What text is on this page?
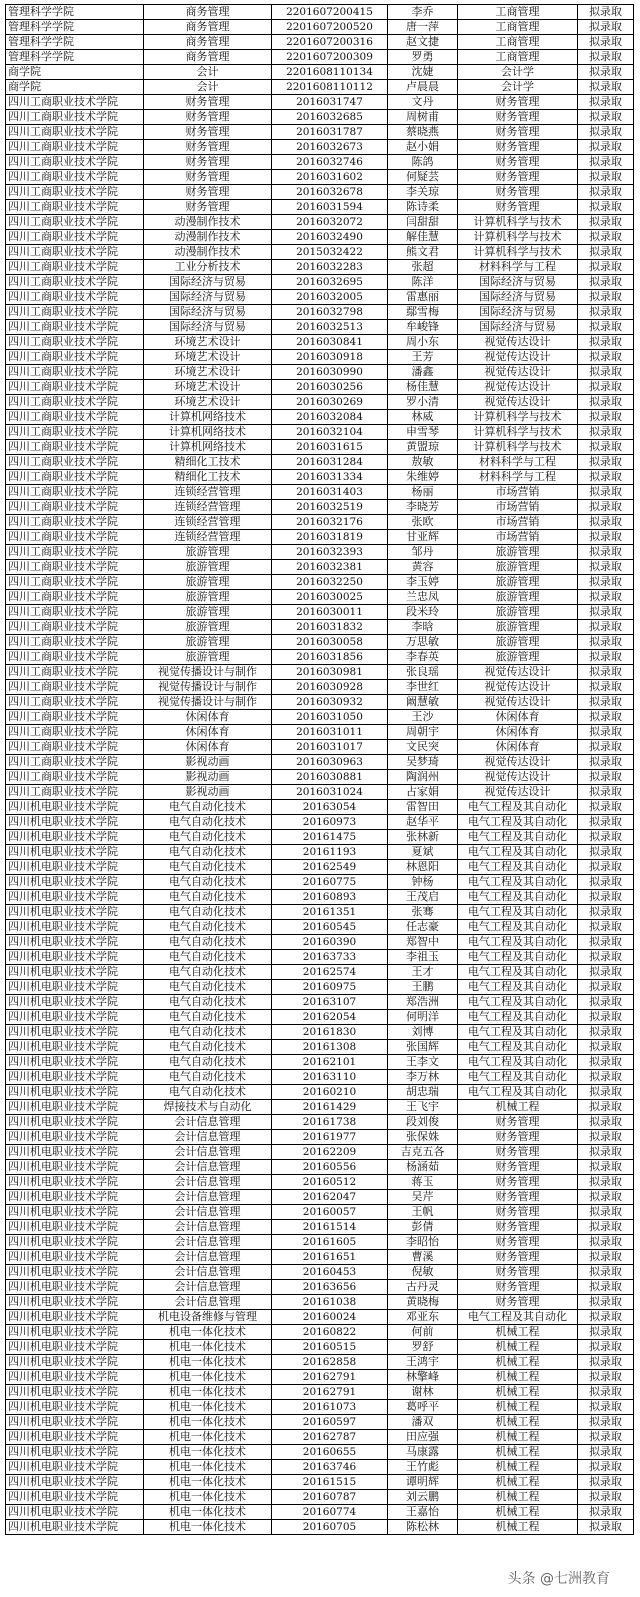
管理科学学院	商务管理	2201607200415	李乔	工商管理	拟录取
管理科学学院	商务管理	2201607200520	唐一萍	工商管理	拟录取
管理科学学院	商务管理	2201607200316	赵文捷	工商管理	拟录取
管理科学学院	商务管理	2201607200309	罗勇	工商管理	拟录取
商学院	会计	2201608110134	沈婕	会计学	拟录取
商学院	会计	2201608110112	卢晨晨	会计学	拟录取
四川工商职业技术学院	财务管理	2016031747	文丹	财务管理	拟录取
四川工商职业技术学院	财务管理	2016032685	周树甫	财务管理	拟录取
四川工商职业技术学院	财务管理	2016031787	蔡晓燕	财务管理	拟录取
四川工商职业技术学院	财务管理	2016032673	赵小娟	财务管理	拟录取
四川工商职业技术学院	财务管理	2016032746	陈鸽	财务管理	拟录取
四川工商职业技术学院	财务管理	2016031602	何疑芸	财务管理	拟录取
四川工商职业技术学院	财务管理	2016032678	李关琼	财务管理	拟录取
四川工商职业技术学院	财务管理	2016031594	陈诗柔	财务管理	拟录取
四川工商职业技术学院	动漫制作技术	2016032072	闫甜甜	计算机科学与技术	拟录取
四川工商职业技术学院	动漫制作技术	2016032490	解佳慧	计算机科学与技术	拟录取
四川工商职业技术学院	动漫制作技术	2015032422	熊文君	计算机科学与技术	拟录取
四川工商职业技术学院	工业分析技术	2016032283	张超	材料科学与工程	拟录取
四川工商职业技术学院	国际经济与贸易	2016032695	陈洋	国际经济与贸易	拟录取
四川工商职业技术学院	国际经济与贸易	2016032005	雷惠丽	国际经济与贸易	拟录取
四川工商职业技术学院	国际经济与贸易	2016032798	鄢雪梅	国际经济与贸易	拟录取
四川工商职业技术学院	国际经济与贸易	2016032513	牟峻锋	国际经济与贸易	拟录取
四川工商职业技术学院	环境艺术设计	2016030841	周小东	视觉传达设计	拟录取
四川工商职业技术学院	环境艺术设计	2016030918	王芳	视觉传达设计	拟录取
四川工商职业技术学院	环境艺术设计	2016030990	潘鑫	视觉传达设计	拟录取
四川工商职业技术学院	环境艺术设计	2016030256	杨佳慧	视觉传达设计	拟录取
四川工商职业技术学院	环境艺术设计	2016030269	罗小清	视觉传达设计	拟录取
四川工商职业技术学院	计算机网络技术	2016032084	林威	计算机科学与技术	拟录取
四川工商职业技术学院	计算机网络技术	2016032104	申雪琴	计算机科学与技术	拟录取
四川工商职业技术学院	计算机网络技术	2016031615	黄盟琼	计算机科学与技术	拟录取
四川工商职业技术学院	精细化工技术	2016031284	敖敏	材料科学与工程	拟录取
四川工商职业技术学院	精细化工技术	2016031334	朱维婷	材料科学与工程	拟录取
四川工商职业技术学院	连锁经营管理	2016031403	杨丽	市场营销	拟录取
四川工商职业技术学院	连锁经营管理	2016032519	李晓芳	市场营销	拟录取
四川工商职业技术学院	连锁经营管理	2016032176	张欧	市场营销	拟录取
四川工商职业技术学院	连锁经营管理	2016031819	甘亚辉	市场营销	拟录取
四川工商职业技术学院	旅游管理	2016032393	邹丹	旅游管理	拟录取
四川工商职业技术学院	旅游管理	2016032381	黄容	旅游管理	拟录取
四川工商职业技术学院	旅游管理	2016032250	李玉婷	旅游管理	拟录取
四川工商职业技术学院	旅游管理	2016030025	兰忠凤	旅游管理	拟录取
四川工商职业技术学院	旅游管理	2016030011	段米玲	旅游管理	拟录取
四川工商职业技术学院	旅游管理	2016031832	李晗	旅游管理	拟录取
四川工商职业技术学院	旅游管理	2016030058	万思敏	旅游管理	拟录取
四川工商职业技术学院	旅游管理	2016031856	李春英	旅游管理	拟录取
四川工商职业技术学院	视觉传播设计与制作	2016030981	张良瑶	视觉传达设计	拟录取
四川工商职业技术学院	视觉传播设计与制作	2016030928	李世红	视觉传达设计	拟录取
四川工商职业技术学院	视觉传播设计与制作	2016030932	阚慧敏	视觉传达设计	拟录取
四川工商职业技术学院	休闲体育	2016031050	王沙	休闲体育	拟录取
四川工商职业技术学院	休闲体育	2016031011	周朝宇	休闲体育	拟录取
四川工商职业技术学院	休闲体育	2016031017	文民突	休闲体育	拟录取
四川工商职业技术学院	影视动画	2016030963	吴梦琦	视觉传达设计	拟录取
四川工商职业技术学院	影视动画	2016030881	陶润州	视觉传达设计	拟录取
四川工商职业技术学院	影视动画	2016031024	占家娟	视觉传达设计	拟录取
四川机电职业技术学院	电气自动化技术	20163054	雷智田	电气工程及其自动化	拟录取
四川机电职业技术学院	电气自动化技术	20160973	赵华平	电气工程及其自动化	拟录取
四川机电职业技术学院	电气自动化技术	20161475	张林新	电气工程及其自动化	拟录取
四川机电职业技术学院	电气自动化技术	20161193	夏斌	电气工程及其自动化	拟录取
四川机电职业技术学院	电气自动化技术	20162549	林恩阳	电气工程及其自动化	拟录取
四川机电职业技术学院	电气自动化技术	20160775	钟杨	电气工程及其自动化	拟录取
四川机电职业技术学院	电气自动化技术	20160893	王茂启	电气工程及其自动化	拟录取
四川机电职业技术学院	电气自动化技术	20161351	张骞	电气工程及其自动化	拟录取
四川机电职业技术学院	电气自动化技术	20160545	任志豪	电气工程及其自动化	拟录取
四川机电职业技术学院	电气自动化技术	20160390	郑智中	电气工程及其自动化	拟录取
四川机电职业技术学院	电气自动化技术	20163733	李祖玉	电气工程及其自动化	拟录取
四川机电职业技术学院	电气自动化技术	20162574	王才	电气工程及其自动化	拟录取
四川机电职业技术学院	电气自动化技术	20160975	王鹏	电气工程及其自动化	拟录取
四川机电职业技术学院	电气自动化技术	20163107	郑浩洲	电气工程及其自动化	拟录取
四川机电职业技术学院	电气自动化技术	20162054	何明洋	电气工程及其自动化	拟录取
四川机电职业技术学院	电气自动化技术	20161830	刘博	电气工程及其自动化	拟录取
四川机电职业技术学院	电气自动化技术	20161308	张国辉	电气工程及其自动化	拟录取
四川机电职业技术学院	电气自动化技术	20162101	王李文	电气工程及其自动化	拟录取
四川机电职业技术学院	电气自动化技术	20163110	李万林	电气工程及其自动化	拟录取
四川机电职业技术学院	电气自动化技术	20160210	胡忠瑞	电气工程及其自动化	拟录取
四川机电职业技术学院	焊接技术与自动化	20161429	王飞宇	机械工程	拟录取
四川机电职业技术学院	会计信息管理	20161738	段刘俊	财务管理	拟录取
四川机电职业技术学院	会计信息管理	20161977	张保姝	财务管理	拟录取
四川机电职业技术学院	会计信息管理	20162209	吉克五各	财务管理	拟录取
四川机电职业技术学院	会计信息管理	20160556	杨涵茹	财务管理	拟录取
四川机电职业技术学院	会计信息管理	20160512	蒋玉	财务管理	拟录取
四川机电职业技术学院	会计信息管理	20162047	吴芹	财务管理	拟录取
四川机电职业技术学院	会计信息管理	20160057	王帆	财务管理	拟录取
四川机电职业技术学院	会计信息管理	20161514	彭倩	财务管理	拟录取
四川机电职业技术学院	会计信息管理	20161605	李昭怡	财务管理	拟录取
四川机电职业技术学院	会计信息管理	20161651	曹溪	财务管理	拟录取
四川机电职业技术学院	会计信息管理	20160453	倪敏	财务管理	拟录取
四川机电职业技术学院	会计信息管理	20163656	古丹灵	财务管理	拟录取
四川机电职业技术学院	会计信息管理	20161038	黄晓梅	财务管理	拟录取
四川机电职业技术学院	机电设备维修与管理	20160024	邓亚东	电气工程及其自动化	拟录取
四川机电职业技术学院	机电一体化技术	20160822	何前	机械工程	拟录取
四川机电职业技术学院	机电一体化技术	20160515	罗舒	机械工程	拟录取
四川机电职业技术学院	机电一体化技术	20162858	王鸿宇	机械工程	拟录取
四川机电职业技术学院	机电一体化技术	20162791	林擎峰	机械工程	拟录取
四川机电职业技术学院	机电一体化技术	20162791	谢林	机械工程	拟录取
四川机电职业技术学院	机电一体化技术	20161073	葛呼平	机械工程	拟录取
四川机电职业技术学院	机电一体化技术	20160597	潘双	机械工程	拟录取
四川机电职业技术学院	机电一体化技术	20162787	田应强	机械工程	拟录取
四川机电职业技术学院	机电一体化技术	20160655	马康露	机械工程	拟录取
四川机电职业技术学院	机电一体化技术	20163746	王竹彪	机械工程	拟录取
四川机电职业技术学院	机电一体化技术	20161515	谭明辉	机械工程	拟录取
四川机电职业技术学院	机电一体化技术	20160787	刘云鹏	机械工程	拟录取
四川机电职业技术学院	机电一体化技术	20160774	王嘉怡	机械工程	拟录取
四川机电职业技术学院	机电一体化技术	20160705	陈松林	机械工程	拟录取
头条 @七洲教育
